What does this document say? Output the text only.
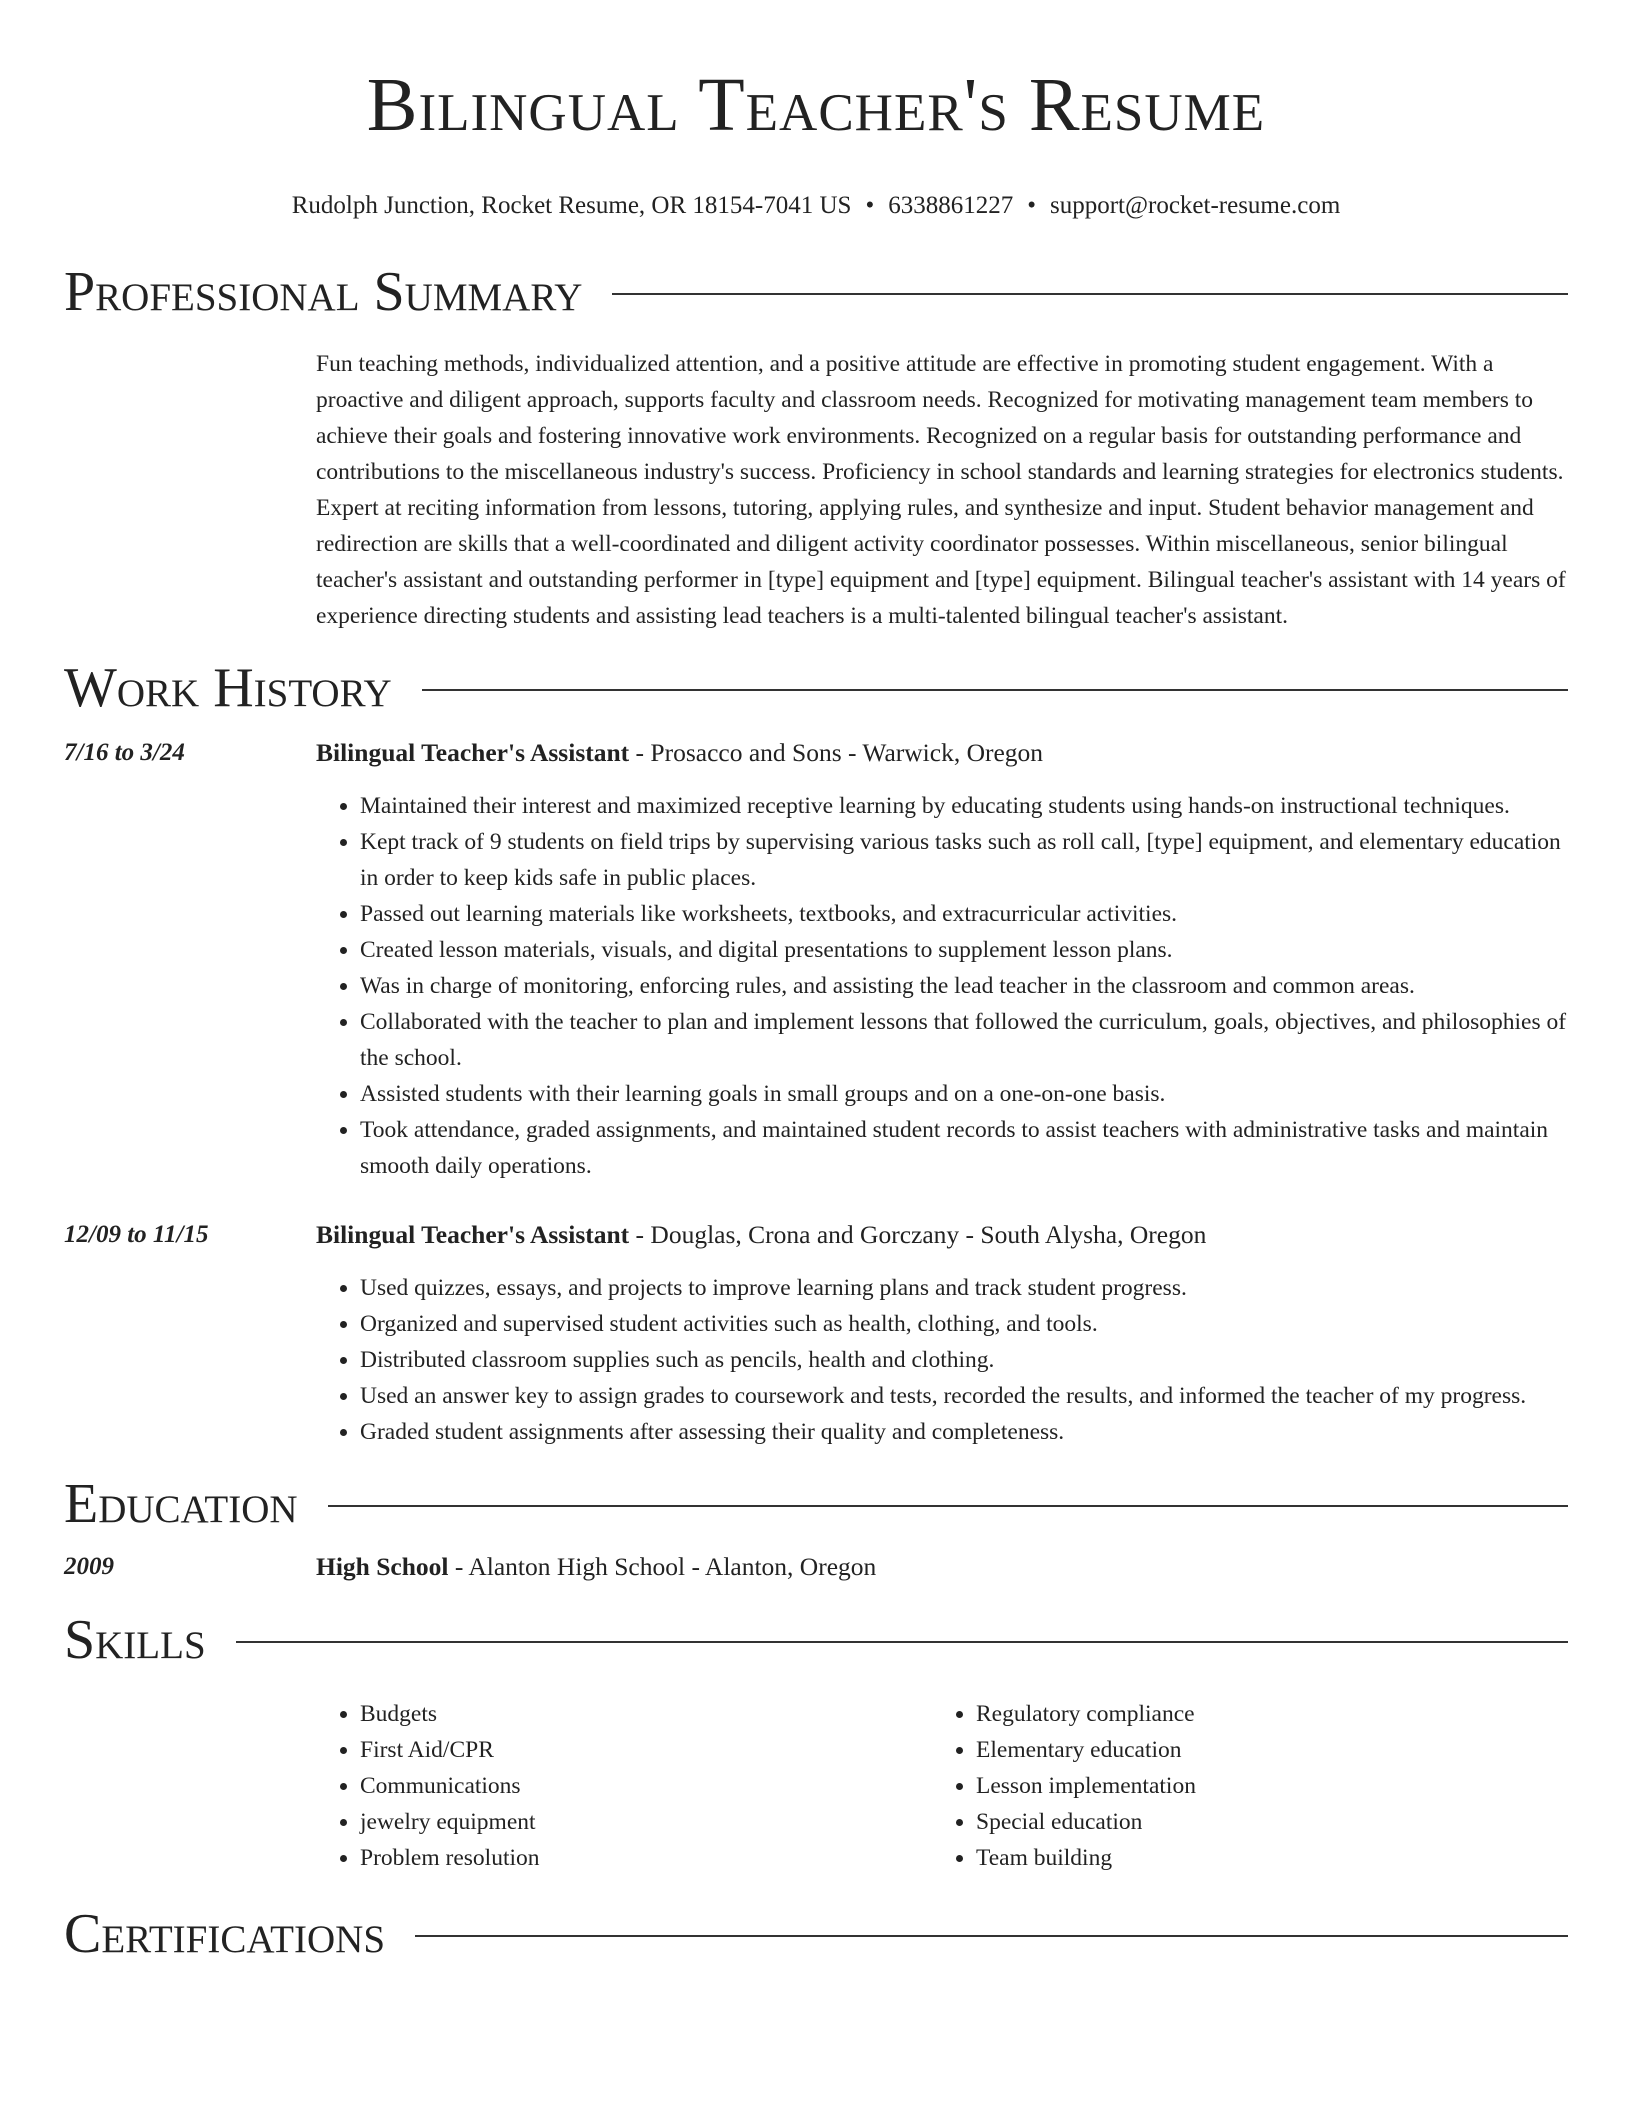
Bilingual Teacher's Resume
Rudolph Junction, Rocket Resume, OR 18154-7041 US • 6338861227 • support@rocket-resume.com
Professional Summary
Fun teaching methods, individualized attention, and a positive attitude are effective in promoting student engagement. With a proactive and diligent approach, supports faculty and classroom needs. Recognized for motivating management team members to achieve their goals and fostering innovative work environments. Recognized on a regular basis for outstanding performance and contributions to the miscellaneous industry's success. Proficiency in school standards and learning strategies for electronics students. Expert at reciting information from lessons, tutoring, applying rules, and synthesize and input. Student behavior management and redirection are skills that a well-coordinated and diligent activity coordinator possesses. Within miscellaneous, senior bilingual teacher's assistant and outstanding performer in [type] equipment and [type] equipment. Bilingual teacher's assistant with 14 years of experience directing students and assisting lead teachers is a multi-talented bilingual teacher's assistant.
Work History
7/16 to 3/24	Bilingual Teacher's Assistant - Prosacco and Sons - Warwick, Oregon
• Maintained their interest and maximized receptive learning by educating students using hands-on instructional techniques.
• Kept track of 9 students on field trips by supervising various tasks such as roll call, [type] equipment, and elementary education in order to keep kids safe in public places.
• Passed out learning materials like worksheets, textbooks, and extracurricular activities.
• Created lesson materials, visuals, and digital presentations to supplement lesson plans.
• Was in charge of monitoring, enforcing rules, and assisting the lead teacher in the classroom and common areas.
• Collaborated with the teacher to plan and implement lessons that followed the curriculum, goals, objectives, and philosophies of the school.
• Assisted students with their learning goals in small groups and on a one-on-one basis.
• Took attendance, graded assignments, and maintained student records to assist teachers with administrative tasks and maintain smooth daily operations.
12/09 to 11/15	Bilingual Teacher's Assistant - Douglas, Crona and Gorczany - South Alysha, Oregon
• Used quizzes, essays, and projects to improve learning plans and track student progress.
• Organized and supervised student activities such as health, clothing, and tools.
• Distributed classroom supplies such as pencils, health and clothing.
• Used an answer key to assign grades to coursework and tests, recorded the results, and informed the teacher of my progress.
• Graded student assignments after assessing their quality and completeness.
Education
2009	High School - Alanton High School - Alanton, Oregon
Skills
• Budgets
• First Aid/CPR
• Communications
• jewelry equipment
• Problem resolution
• Regulatory compliance
• Elementary education
• Lesson implementation
• Special education
• Team building
Certifications
